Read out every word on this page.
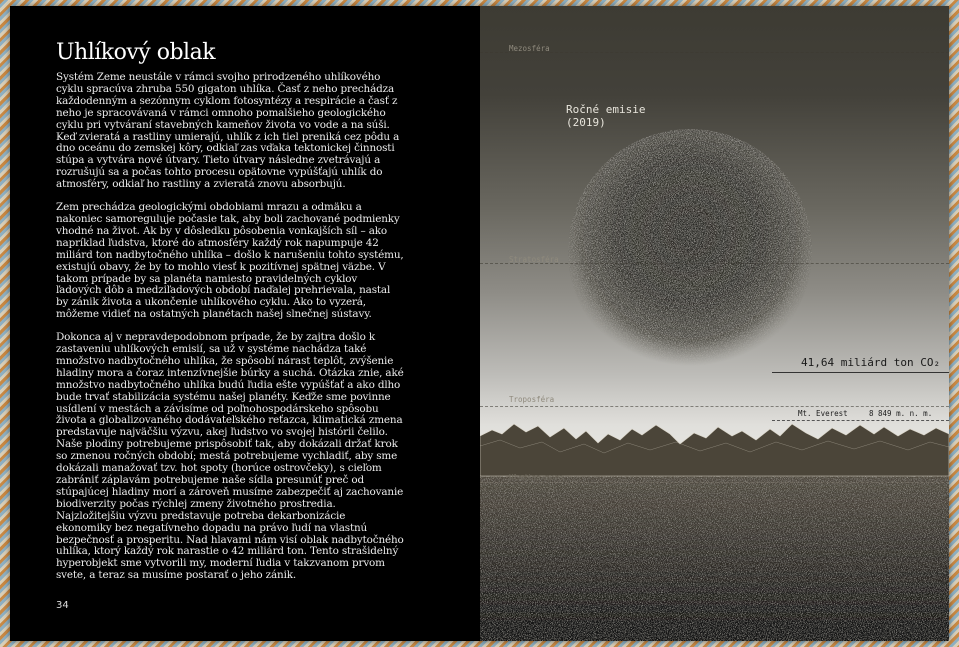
Uhlíkový oblak

Systém Zeme neustále v rámci svojho prirodzeného uhlíkového cyklu spracúva zhruba 550 gigaton uhlíka. Časť z neho prechádza každodenným a sezónnym cyklom fotosyntézy a respirácie a časť z neho je spracovávaná v rámci omnoho pomalšieho geologického cyklu pri vytváraní stavebných kameňov života vo vode a na súši. Keď zvieratá a rastliny umierajú, uhlík z ich tiel preniká cez pôdu a dno oceánu do zemskej kôry, odkiaľ zas vďaka tektonickej činnosti stúpa a vytvára nové útvary. Tieto útvary následne zvetrávajú a rozrušujú sa a počas tohto procesu opätovne vypúšťajú uhlík do atmosféry, odkiaľ ho rastliny a zvieratá znovu absorbujú.

Zem prechádza geologickými obdobiami mrazu a odmäku a nakoniec samoreguluje počasie tak, aby boli zachované podmienky vhodné na život. Ak by v dôsledku pôsobenia vonkajších síl – ako napríklad ľudstva, ktoré do atmosféry každý rok napumpuje 42 miliárd ton nadbytočného uhlíka – došlo k narušeniu tohto systému, existujú obavy, že by to mohlo viesť k pozitívnej spätnej väzbe. V takom prípade by sa planéta namiesto pravidelných cyklov ľadových dôb a medziľadových období naďalej prehrievala, nastal by zánik života a ukončenie uhlíkového cyklu. Ako to vyzerá, môžeme vidieť na ostatných planétach našej slnečnej sústavy.

Dokonca aj v nepravdepodobnom prípade, že by zajtra došlo k zastaveniu uhlíkových emisií, sa už v systéme nachádza také množstvo nadbytočného uhlíka, že spôsobí nárast teplôt, zvýšenie hladiny mora a čoraz intenzívnejšie búrky a suchá. Otázka znie, aké množstvo nadbytočného uhlíka budú ľudia ešte vypúšťať a ako dlho bude trvať stabilizácia systému našej planéty. Keďže sme povinne usídlení v mestách a závisíme od poľnohospodárskeho spôsobu života a globalizovaného dodávateľského reťazca, klimatická zmena predstavuje najväčšiu výzvu, akej ľudstvo vo svojej histórii čelilo. Naše plodiny potrebujeme prispôsobiť tak, aby dokázali držať krok so zmenou ročných období; mestá potrebujeme vychladiť, aby sme dokázali manažovať tzv. hot spoty (horúce ostrovčeky), s cieľom zabrániť záplavám potrebujeme naše sídla presunúť preč od stúpajúcej hladiny morí a zároveň musíme zabezpečiť aj zachovanie biodiverzity počas rýchlej zmeny životného prostredia. Najzložitejšiu výzvu predstavuje potreba dekarbonizácie ekonomiky bez negatívneho dopadu na právo ľudí na vlastnú bezpečnosť a prosperitu. Nad hlavami nám visí oblak nadbytočného uhlíka, ktorý každý rok narastie o 42 miliárd ton. Tento strašidelný hyperobjekt sme vytvorili my, moderní ľudia v takzvanom prvom svete, a teraz sa musíme postarať o jeho zánik.

34
Mezosféra
Stratosféra
Troposféra
Hladina mora
Ročné emisie
(2019)
41,64 miliárd ton CO₂
Mt. Everest	8 849 m. n. m.
